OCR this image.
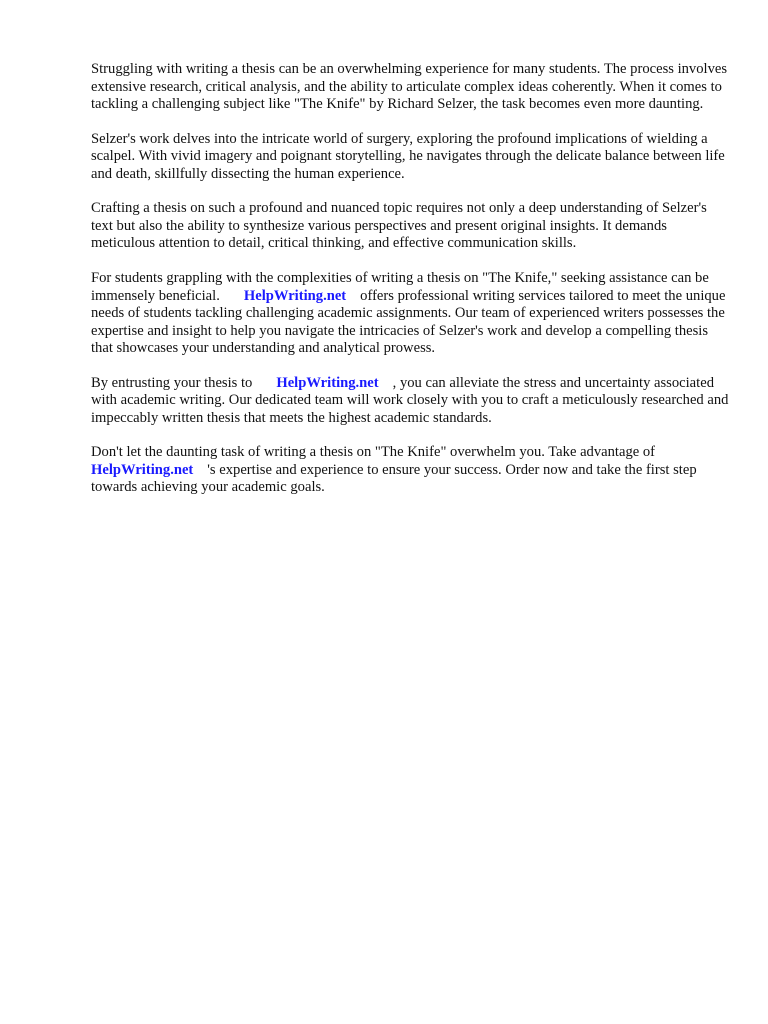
Struggling with writing a thesis can be an overwhelming experience for many students. The process involves extensive research, critical analysis, and the ability to articulate complex ideas coherently. When it comes to tackling a challenging subject like "The Knife" by Richard Selzer, the task becomes even more daunting.

Selzer's work delves into the intricate world of surgery, exploring the profound implications of wielding a scalpel. With vivid imagery and poignant storytelling, he navigates through the delicate balance between life and death, skillfully dissecting the human experience.

Crafting a thesis on such a profound and nuanced topic requires not only a deep understanding of Selzer's text but also the ability to synthesize various perspectives and present original insights. It demands meticulous attention to detail, critical thinking, and effective communication skills.

For students grappling with the complexities of writing a thesis on "The Knife," seeking assistance can be immensely beneficial. HelpWriting.net offers professional writing services tailored to meet the unique needs of students tackling challenging academic assignments. Our team of experienced writers possesses the expertise and insight to help you navigate the intricacies of Selzer's work and develop a compelling thesis that showcases your understanding and analytical prowess.

By entrusting your thesis to HelpWriting.net , you can alleviate the stress and uncertainty associated with academic writing. Our dedicated team will work closely with you to craft a meticulously researched and impeccably written thesis that meets the highest academic standards.

Don't let the daunting task of writing a thesis on "The Knife" overwhelm you. Take advantage of HelpWriting.net 's expertise and experience to ensure your success. Order now and take the first step towards achieving your academic goals.
